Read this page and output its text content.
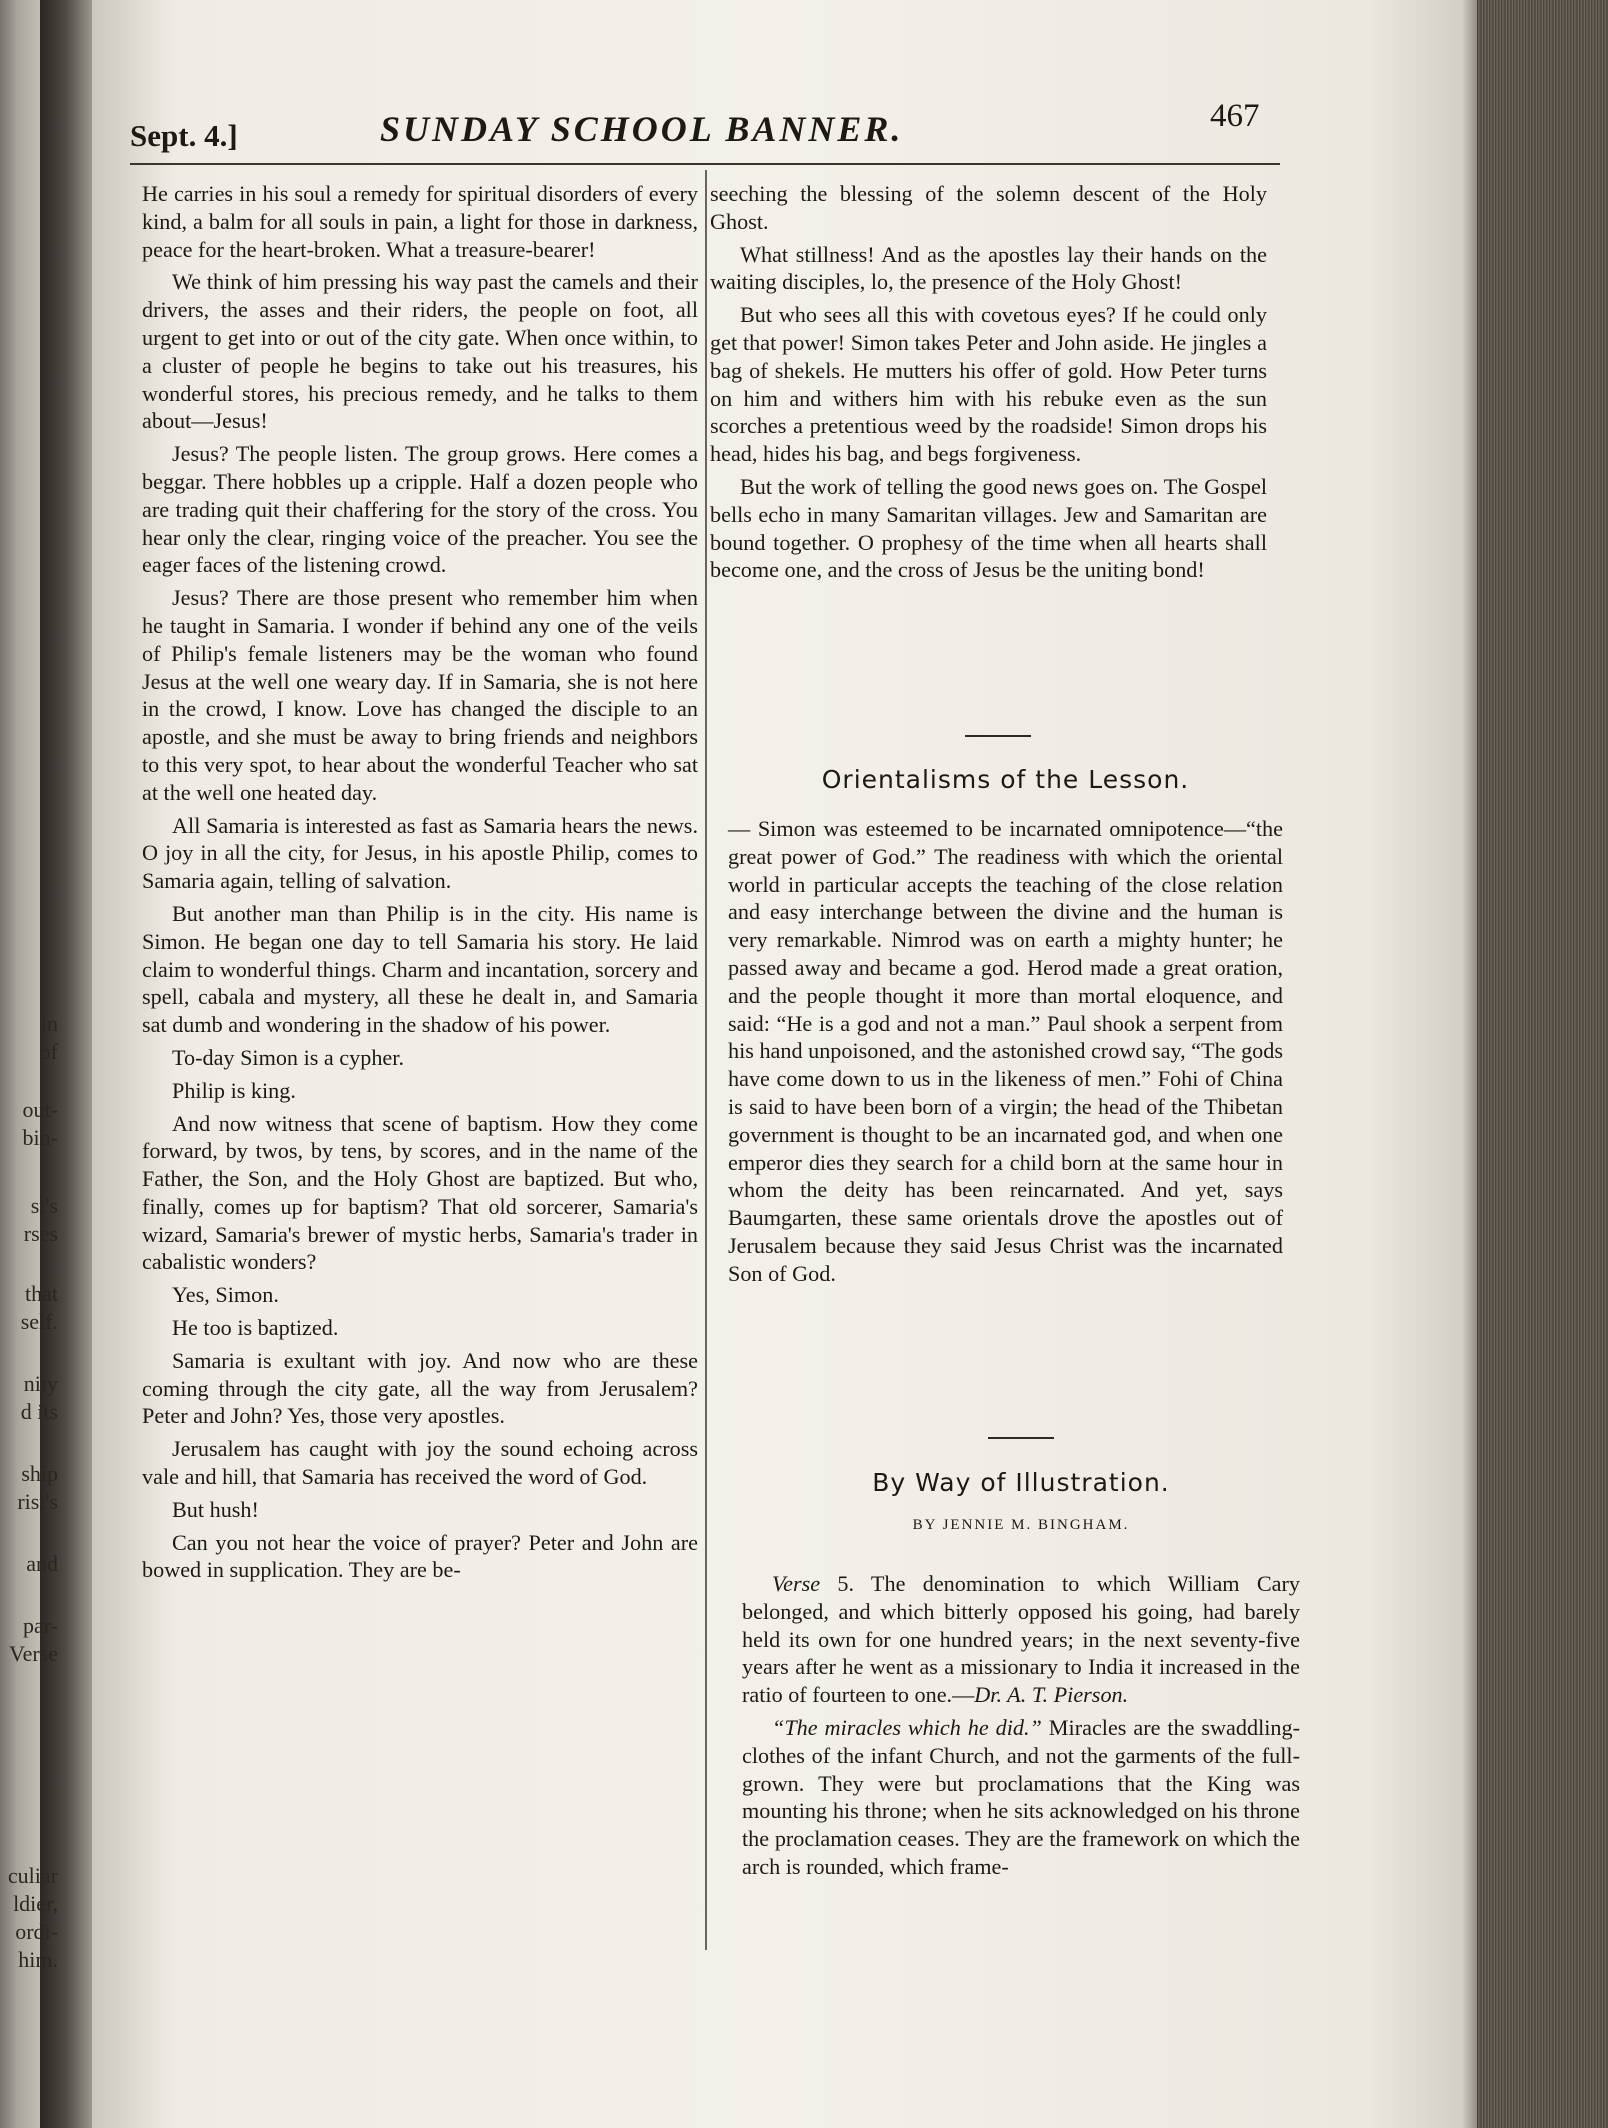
in
of
out-
bin-
st's
rses
that
self.
nity
d its
ship
rist's
and
par-
Verse
culiar
ldier,
ordi-
him.
Sept. 4.]	SUNDAY SCHOOL BANNER.	467

He carries in his soul a remedy for spiritual disorders of every kind, a balm for all souls in pain, a light for those in darkness, peace for the heart-broken. What a treasure-bearer!

We think of him pressing his way past the camels and their drivers, the asses and their riders, the people on foot, all urgent to get into or out of the city gate. When once within, to a cluster of people he begins to take out his treasures, his wonderful stores, his precious remedy, and he talks to them about—Jesus!

Jesus? The people listen. The group grows. Here comes a beggar. There hobbles up a cripple. Half a dozen people who are trading quit their chaffering for the story of the cross. You hear only the clear, ringing voice of the preacher. You see the eager faces of the listening crowd.

Jesus? There are those present who remember him when he taught in Samaria. I wonder if behind any one of the veils of Philip's female listeners may be the woman who found Jesus at the well one weary day. If in Samaria, she is not here in the crowd, I know. Love has changed the disciple to an apostle, and she must be away to bring friends and neighbors to this very spot, to hear about the wonderful Teacher who sat at the well one heated day.

All Samaria is interested as fast as Samaria hears the news. O joy in all the city, for Jesus, in his apostle Philip, comes to Samaria again, telling of salvation.

But another man than Philip is in the city. His name is Simon. He began one day to tell Samaria his story. He laid claim to wonderful things. Charm and incantation, sorcery and spell, cabala and mystery, all these he dealt in, and Samaria sat dumb and wondering in the shadow of his power.

To-day Simon is a cypher.

Philip is king.

And now witness that scene of baptism. How they come forward, by twos, by tens, by scores, and in the name of the Father, the Son, and the Holy Ghost are baptized. But who, finally, comes up for baptism? That old sorcerer, Samaria's wizard, Samaria's brewer of mystic herbs, Samaria's trader in cabalistic wonders?

Yes, Simon.

He too is baptized.

Samaria is exultant with joy. And now who are these coming through the city gate, all the way from Jerusalem? Peter and John? Yes, those very apostles.

Jerusalem has caught with joy the sound echoing across vale and hill, that Samaria has received the word of God.

But hush!

Can you not hear the voice of prayer? Peter and John are bowed in supplication. They are be-

seeching the blessing of the solemn descent of the Holy Ghost.

What stillness! And as the apostles lay their hands on the waiting disciples, lo, the presence of the Holy Ghost!

But who sees all this with covetous eyes? If he could only get that power! Simon takes Peter and John aside. He jingles a bag of shekels. He mutters his offer of gold. How Peter turns on him and withers him with his rebuke even as the sun scorches a pretentious weed by the roadside! Simon drops his head, hides his bag, and begs forgiveness.

But the work of telling the good news goes on. The Gospel bells echo in many Samaritan villages. Jew and Samaritan are bound together. O prophesy of the time when all hearts shall become one, and the cross of Jesus be the uniting bond!

Orientalisms of the Lesson.

— Simon was esteemed to be incarnated omnipotence—“the great power of God.” The readiness with which the oriental world in particular accepts the teaching of the close relation and easy interchange between the divine and the human is very remarkable. Nimrod was on earth a mighty hunter; he passed away and became a god. Herod made a great oration, and the people thought it more than mortal eloquence, and said: “He is a god and not a man.” Paul shook a serpent from his hand unpoisoned, and the astonished crowd say, “The gods have come down to us in the likeness of men.” Fohi of China is said to have been born of a virgin; the head of the Thibetan government is thought to be an incarnated god, and when one emperor dies they search for a child born at the same hour in whom the deity has been reincarnated. And yet, says Baumgarten, these same orientals drove the apostles out of Jerusalem because they said Jesus Christ was the incarnated Son of God.

By Way of Illustration.
BY JENNIE M. BINGHAM.

Verse 5. The denomination to which William Cary belonged, and which bitterly opposed his going, had barely held its own for one hundred years; in the next seventy-five years after he went as a missionary to India it increased in the ratio of fourteen to one.—Dr. A. T. Pierson.

“The miracles which he did.” Miracles are the swaddling-clothes of the infant Church, and not the garments of the full-grown. They were but proclamations that the King was mounting his throne; when he sits acknowledged on his throne the proclamation ceases. They are the framework on which the arch is rounded, which frame-
